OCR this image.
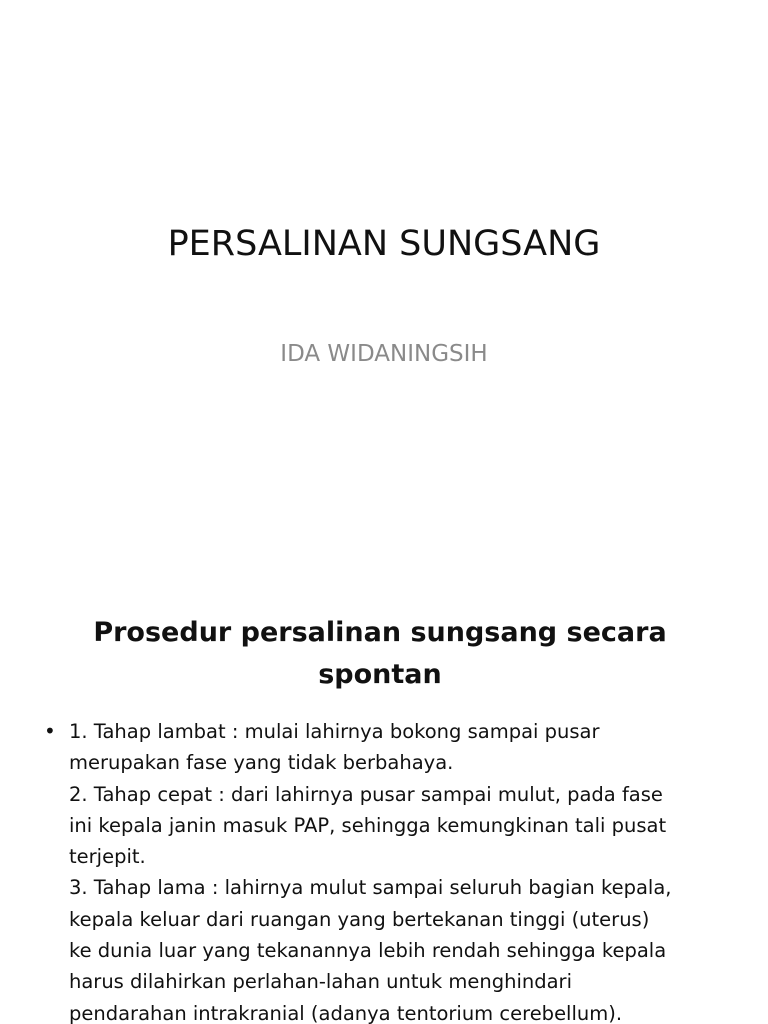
PERSALINAN SUNGSANG
IDA WIDANINGSIH
Prosedur persalinan sungsang secara
spontan
• 1. Tahap lambat : mulai lahirnya bokong sampai pusar
merupakan fase yang tidak berbahaya.
2. Tahap cepat : dari lahirnya pusar sampai mulut, pada fase
ini kepala janin masuk PAP, sehingga kemungkinan tali pusat
terjepit.
3. Tahap lama : lahirnya mulut sampai seluruh bagian kepala,
kepala keluar dari ruangan yang bertekanan tinggi (uterus)
ke dunia luar yang tekanannya lebih rendah sehingga kepala
harus dilahirkan perlahan-lahan untuk menghindari
pendarahan intrakranial (adanya tentorium cerebellum).
